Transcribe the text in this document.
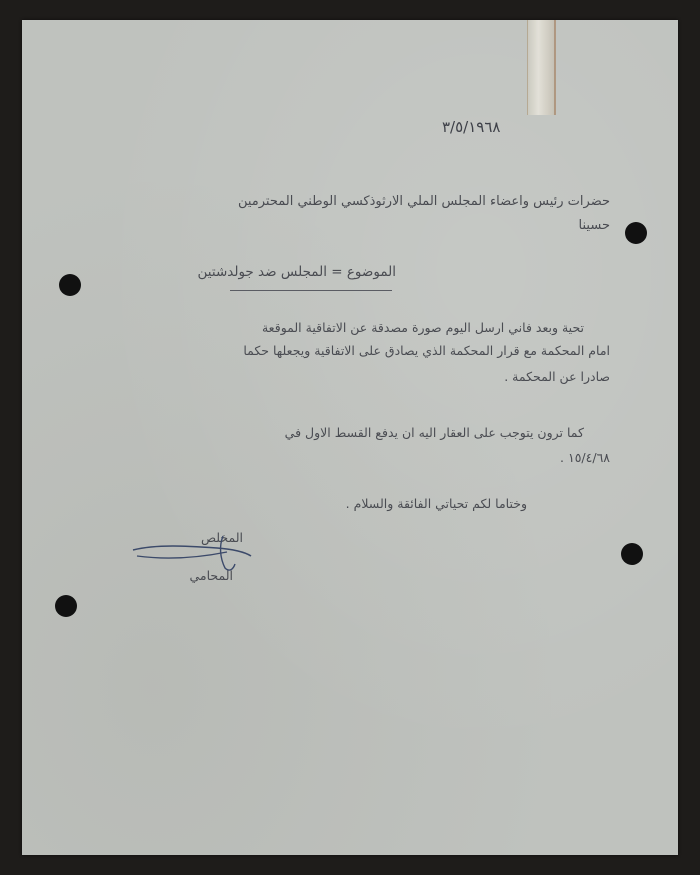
٣/٥/١٩٦٨
حضرات رئيس واعضاء المجلس الملي الارثوذكسي الوطني المحترمين
حسينا
الموضوع = المجلس ضد جولدشتين
تحية وبعد فاني ارسل اليوم صورة مصدقة عن الاتفاقية الموقعة
امام المحكمة مع قرار المحكمة الذي يصادق على الاتفاقية ويجعلها حكما
صادرا عن المحكمة .
كما ترون يتوجب على العقار اليه ان يدفع القسط الاول في
١٥/٤/٦٨ .
وختاما لكم تحياتي الفائقة والسلام .
المخلص
المحامي
